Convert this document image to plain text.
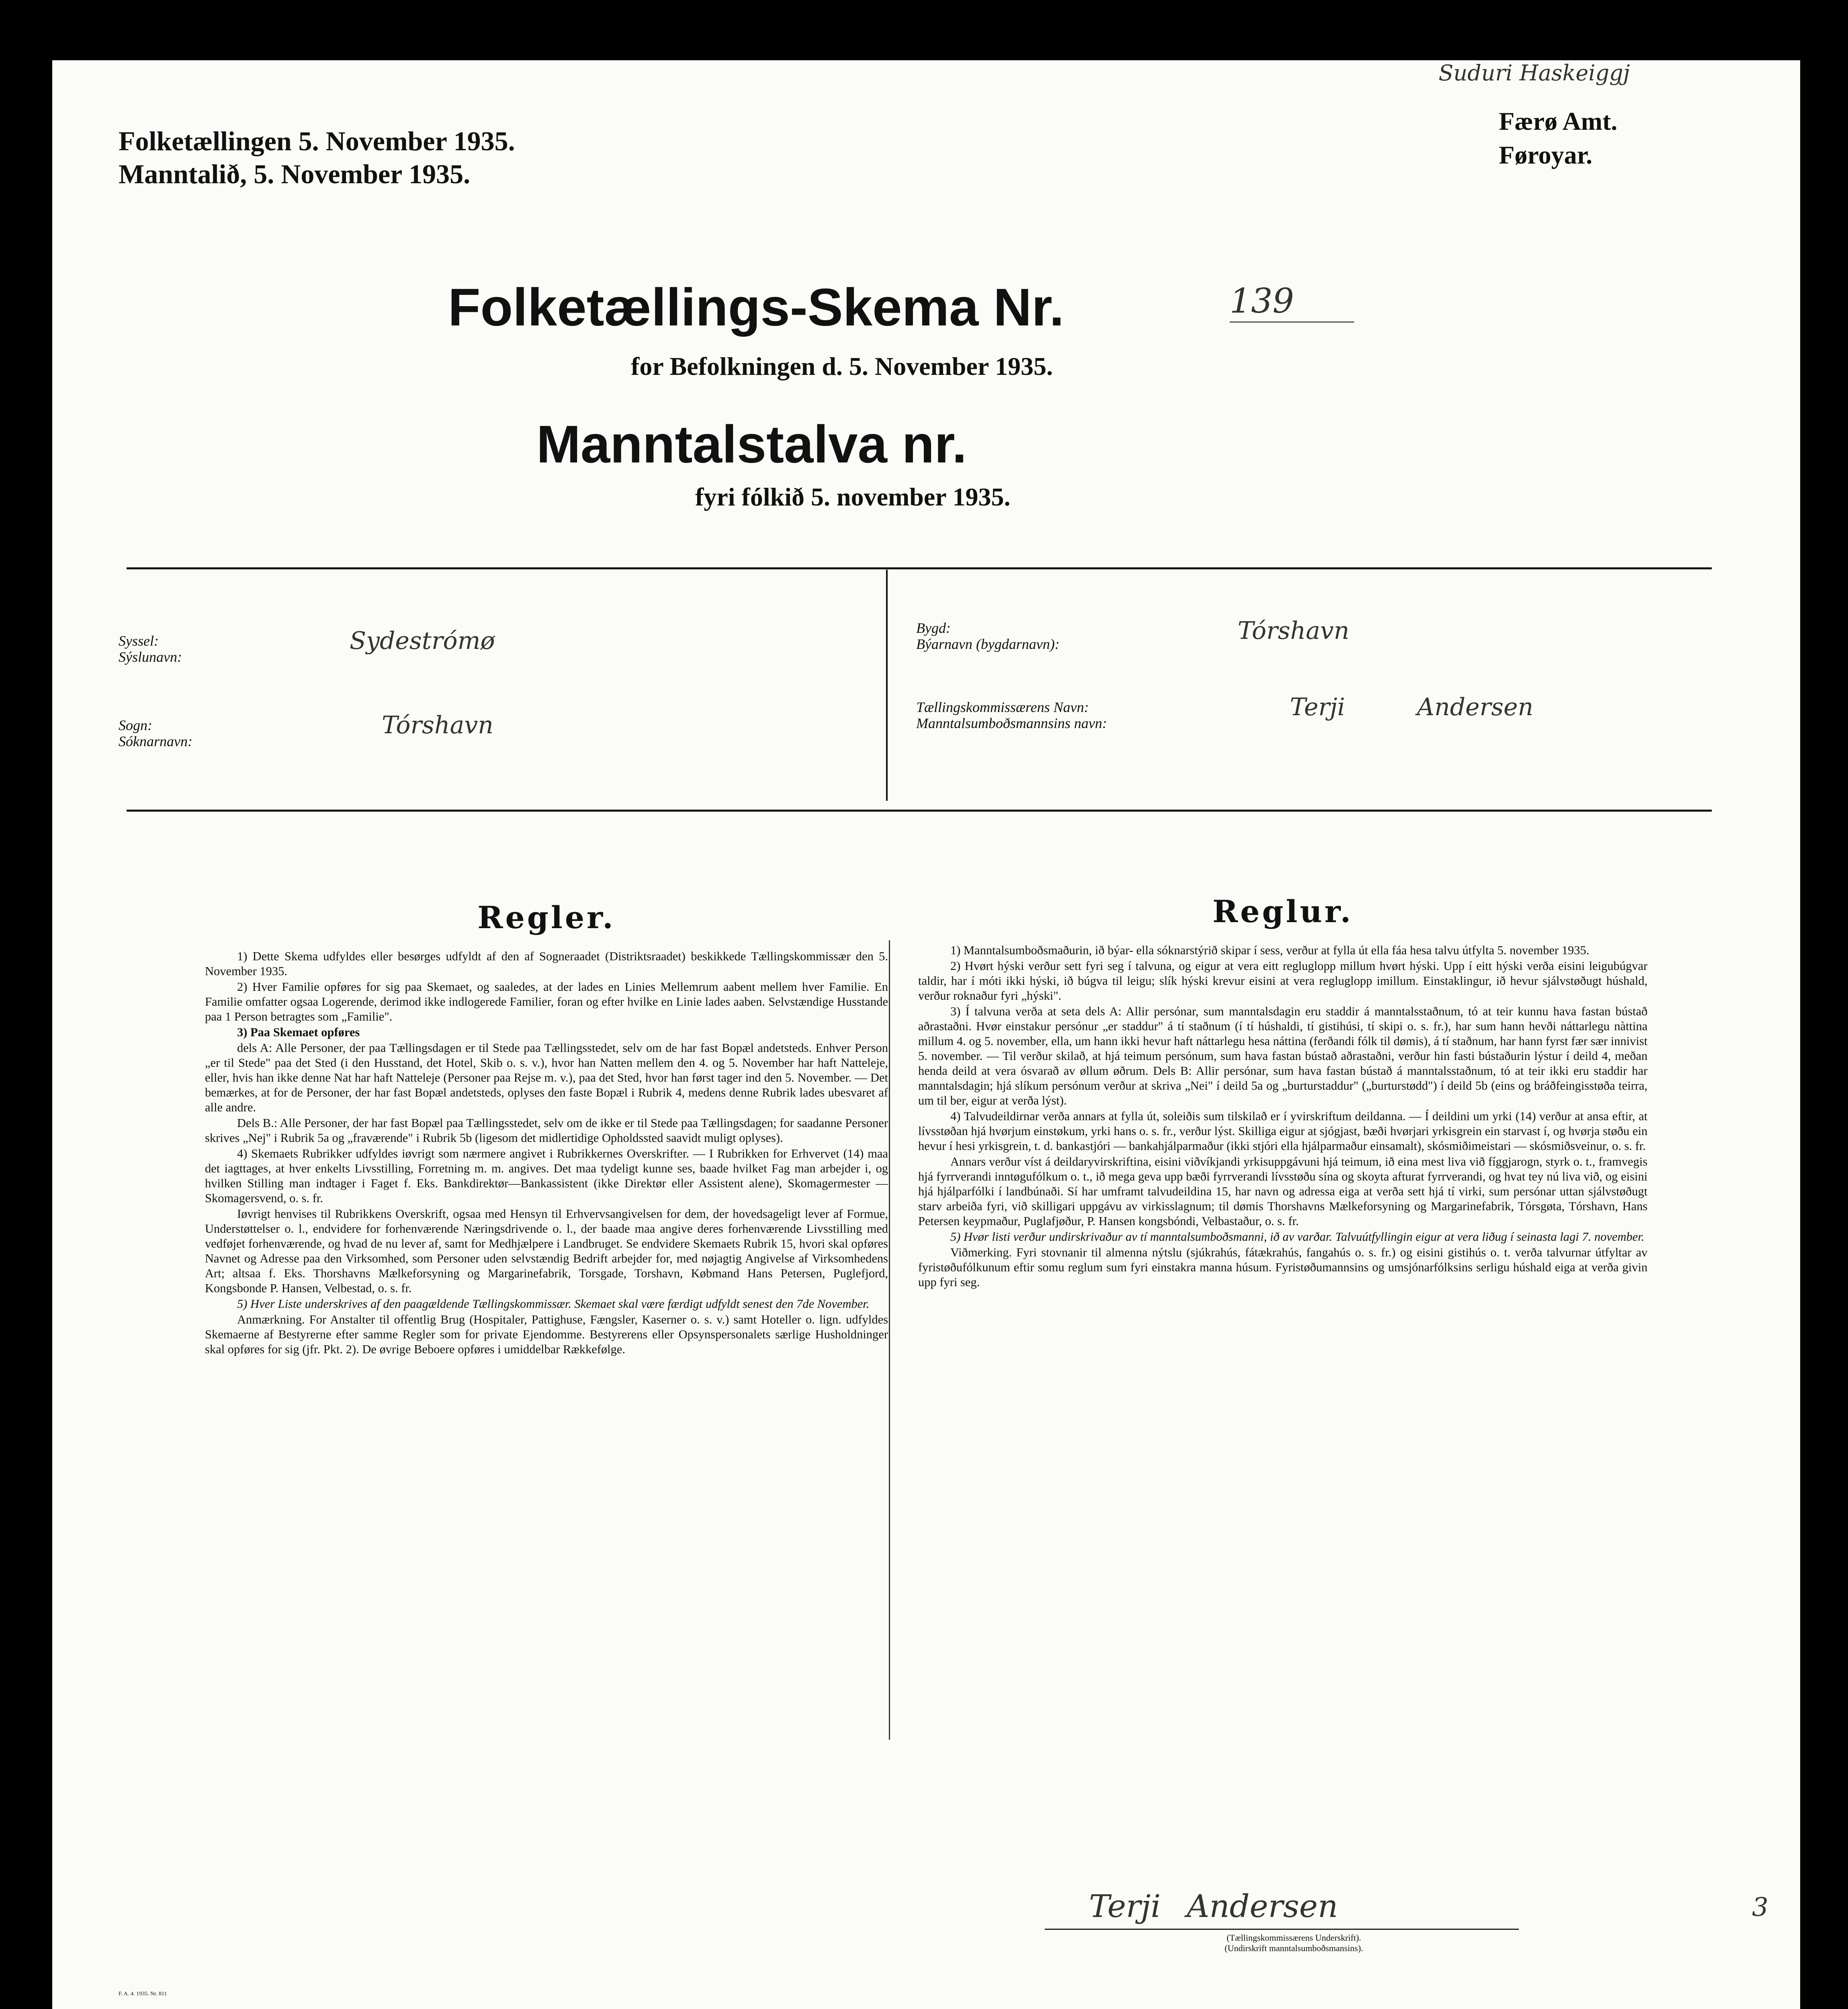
Folketællingen 5. November 1935.
Manntalið, 5. November 1935.
Færø Amt.
Føroyar.
Suduri Haskeiggj
Folketællings-Skema Nr.	139
for Befolkningen d. 5. November 1935.
Manntalstalva nr.
fyri fólkið 5. november 1935.
Syssel:
Sýslunavn:
Sydestrómø
Sogn:
Sóknarnavn:
Tórshavn
Bygd:
Býarnavn (bygdarnavn):	Tórshavn
Tællingskommissærens Navn:
Manntalsumboðsmannsins navn:
Terji Andersen
Regler.

1) Dette Skema udfyldes eller besørges udfyldt af den af Sogneraadet (Distriktsraadet) beskikkede Tællingskommissær den 5. November 1935.

2) Hver Familie opføres for sig paa Skemaet, og saaledes, at der lades en Linies Mellemrum aabent mellem hver Familie. En Familie omfatter ogsaa Logerende, derimod ikke indlogerede Familier, foran og efter hvilke en Linie lades aaben. Selvstændige Husstande paa 1 Person betragtes som „Familie".

3) Paa Skemaet opføres

dels A: Alle Personer, der paa Tællingsdagen er til Stede paa Tællingsstedet, selv om de har fast Bopæl andetsteds. Enhver Person „er til Stede" paa det Sted (i den Husstand, det Hotel, Skib o. s. v.), hvor han Natten mellem den 4. og 5. November har haft Natteleje, eller, hvis han ikke denne Nat har haft Natteleje (Personer paa Rejse m. v.), paa det Sted, hvor han først tager ind den 5. November. — Det bemærkes, at for de Personer, der har fast Bopæl andetsteds, oplyses den faste Bopæl i Rubrik 4, medens denne Rubrik lades ubesvaret af alle andre.

Dels B.: Alle Personer, der har fast Bopæl paa Tællingsstedet, selv om de ikke er til Stede paa Tællingsdagen; for saadanne Personer skrives „Nej" i Rubrik 5a og „fraværende" i Rubrik 5b (ligesom det midlertidige Opholdssted saavidt muligt oplyses).

4) Skemaets Rubrikker udfyldes iøvrigt som nærmere angivet i Rubrikkernes Overskrifter. — I Rubrikken for Erhvervet (14) maa det iagttages, at hver enkelts Livsstilling, Forretning m. m. angives. Det maa tydeligt kunne ses, baade hvilket Fag man arbejder i, og hvilken Stilling man indtager i Faget f. Eks. Bankdirektør—Bankassistent (ikke Direktør eller Assistent alene), Skomagermester — Skomagersvend, o. s. fr.

Iøvrigt henvises til Rubrikkens Overskrift, ogsaa med Hensyn til Erhvervsangivelsen for dem, der hovedsageligt lever af Formue, Understøttelser o. l., endvidere for forhenværende Næringsdrivende o. l., der baade maa angive deres forhenværende Livsstilling med vedføjet forhenværende, og hvad de nu lever af, samt for Medhjælpere i Landbruget. Se endvidere Skemaets Rubrik 15, hvori skal opføres Navnet og Adresse paa den Virksomhed, som Personer uden selvstændig Bedrift arbejder for, med nøjagtig Angivelse af Virksomhedens Art; altsaa f. Eks. Thorshavns Mælkeforsyning og Margarinefabrik, Torsgade, Torshavn, Købmand Hans Petersen, Puglefjord, Kongsbonde P. Hansen, Velbestad, o. s. fr.

5) Hver Liste underskrives af den paagældende Tællingskommissær. Skemaet skal være færdigt udfyldt senest den 7de November.

Anmærkning. For Anstalter til offentlig Brug (Hospitaler, Pattighuse, Fængsler, Kaserner o. s. v.) samt Hoteller o. lign. udfyldes Skemaerne af Bestyrerne efter samme Regler som for private Ejendomme. Bestyrerens eller Opsynspersonalets særlige Husholdninger skal opføres for sig (jfr. Pkt. 2). De øvrige Beboere opføres i umiddelbar Rækkefølge.

Reglur.

1) Manntalsumboðsmaðurin, ið býar- ella sóknarstýrið skipar í sess, verður at fylla út ella fáa hesa talvu útfylta 5. november 1935.

2) Hvørt hýski verður sett fyri seg í talvuna, og eigur at vera eitt regluglopp millum hvørt hýski. Upp í eitt hýski verða eisini leigubúgvar taldir, har í móti ikki hýski, ið búgva til leigu; slík hýski krevur eisini at vera regluglopp imillum. Einstaklingur, ið hevur sjálvstøðugt húshald, verður roknaður fyri „hýski".

3) Í talvuna verða at seta dels A: Allir persónar, sum manntalsdagin eru staddir á manntalsstaðnum, tó at teir kunnu hava fastan bústað aðrastaðni. Hvør einstakur persónur „er staddur" á tí staðnum (í tí húshaldi, tí gistihúsi, tí skipi o. s. fr.), har sum hann hevði náttarlegu nàttina millum 4. og 5. november, ella, um hann ikki hevur haft náttarlegu hesa náttina (ferðandi fólk til dømis), á tí staðnum, har hann fyrst fær sær innivist 5. november. — Til verður skilað, at hjá teimum persónum, sum hava fastan bústað aðrastaðni, verður hin fasti bústaðurin lýstur í deild 4, meðan henda deild at vera ósvarað av øllum øðrum. Dels B: Allir persónar, sum hava fastan bústað á manntalsstaðnum, tó at teir ikki eru staddir har manntalsdagin; hjá slíkum persónum verður at skriva „Nei" í deild 5a og „burturstaddur" („burturstødd") í deild 5b (eins og bráðfeingisstøða teirra, um til ber, eigur at verða lýst).

4) Talvudeildirnar verða annars at fylla út, soleiðis sum tilskilað er í yvirskriftum deildanna. — Í deildini um yrki (14) verður at ansa eftir, at lívsstøðan hjá hvørjum einstøkum, yrki hans o. s. fr., verður lýst. Skilliga eigur at sjógjast, bæði hvørjari yrkisgrein ein starvast í, og hvørja støðu ein hevur í hesi yrkisgrein, t. d. bankastjóri — bankahjálparmaður (ikki stjóri ella hjálparmaður einsamalt), skósmiðimeistari — skósmiðsveinur, o. s. fr.

Annars verður víst á deildaryvirskriftina, eisini viðvíkjandi yrkisuppgávuni hjá teimum, ið eina mest liva við fíggjarogn, styrk o. t., framvegis hjá fyrrverandi inntøgufólkum o. t., ið mega geva upp bæði fyrrverandi lívsstøðu sína og skoyta afturat fyrrverandi, og hvat tey nú liva við, og eisini hjá hjálparfólki í landbúnaði. Sí har umframt talvudeildina 15, har navn og adressa eiga at verða sett hjá tí virki, sum persónar uttan sjálvstøðugt starv arbeiða fyri, við skilligari uppgávu av virkisslagnum; til dømis Thorshavns Mælkeforsyning og Margarinefabrik, Tórsgøta, Tórshavn, Hans Petersen keypmaður, Puglafjøður, P. Hansen kongsbóndi, Velbastaður, o. s. fr.

5) Hvør listi verður undirskrivaður av tí manntalsumboðsmanni, ið av varðar. Talvuútfyllingin eigur at vera liðug í seinasta lagi 7. november.

Viðmerking. Fyri stovnanir til almenna nýtslu (sjúkrahús, fátækrahús, fangahús o. s. fr.) og eisini gistihús o. t. verða talvurnar útfyltar av fyristøðufólkunum eftir somu reglum sum fyri einstakra manna húsum. Fyristøðumannsins og umsjónarfólksins serligu húshald eiga at verða givin upp fyri seg.

Terji Andersen
(Tællingskommissærens Underskrift).
(Undirskrift manntalsumboðsmansins).
F. A. 4. 1935. Nr. 811
3
